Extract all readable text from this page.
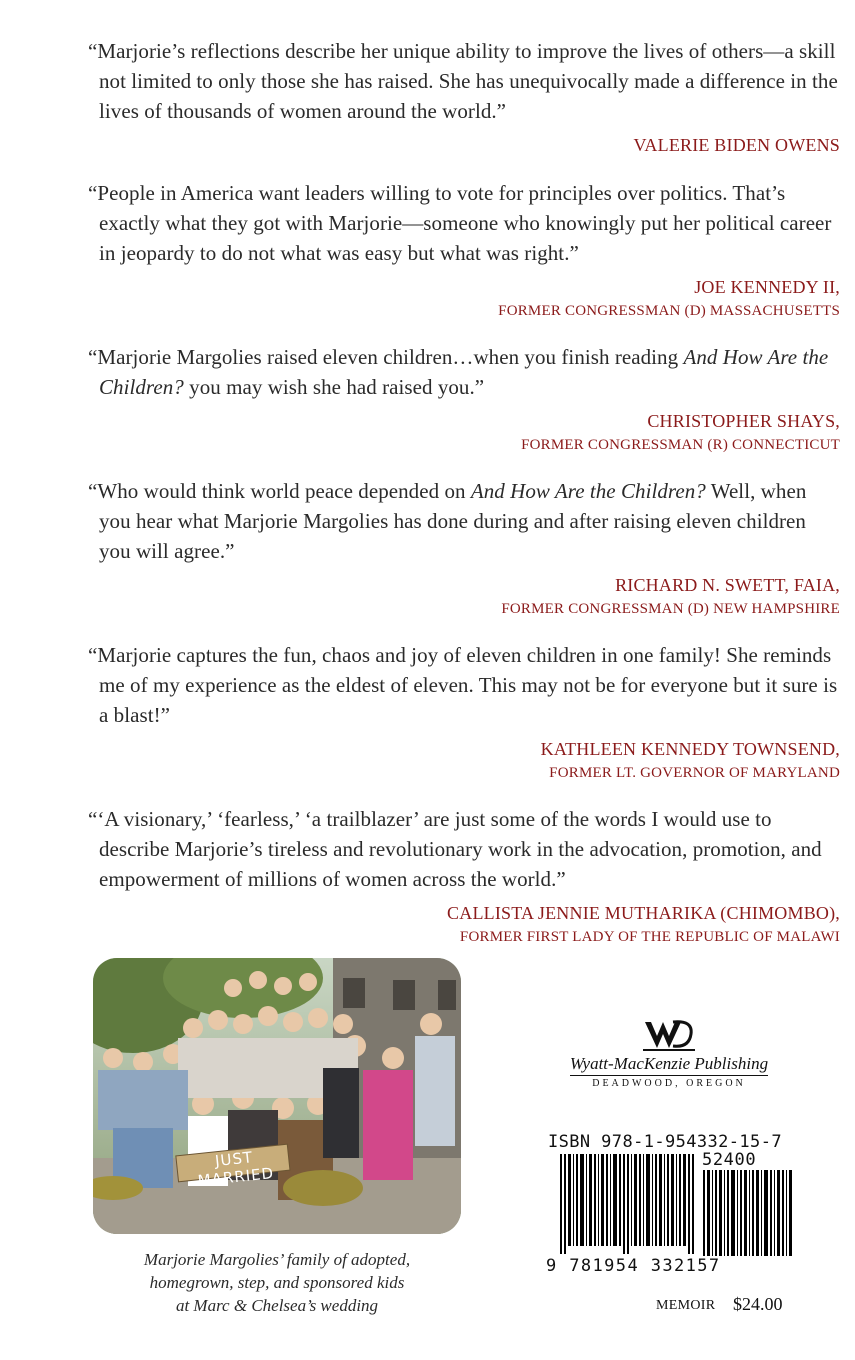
“Marjorie’s reflections describe her unique ability to improve the lives of others—a skill not limited to only those she has raised. She has unequivocally made a difference in the lives of thousands of women around the world.”

VALERIE BIDEN OWENS

“People in America want leaders willing to vote for principles over politics. That’s exactly what they got with Marjorie—someone who knowingly put her political career in jeopardy to do not what was easy but what was right.”

JOE KENNEDY II,
FORMER CONGRESSMAN (D) MASSACHUSETTS

“Marjorie Margolies raised eleven children…when you finish reading And How Are the Children? you may wish she had raised you.”

CHRISTOPHER SHAYS,
FORMER CONGRESSMAN (R) CONNECTICUT

“Who would think world peace depended on And How Are the Children? Well, when you hear what Marjorie Margolies has done during and after raising eleven children you will agree.”

RICHARD N. SWETT, FAIA,
FORMER CONGRESSMAN (D) NEW HAMPSHIRE

“Marjorie captures the fun, chaos and joy of eleven children in one family! She reminds me of my experience as the eldest of eleven. This may not be for everyone but it sure is a blast!”

KATHLEEN KENNEDY TOWNSEND,
FORMER LT. GOVERNOR OF MARYLAND

“‘A visionary,’ ‘fearless,’ ‘a trailblazer’ are just some of the words I would use to describe Marjorie’s tireless and revolutionary work in the advocation, promotion, and empowerment of millions of women across the world.”

CALLISTA JENNIE MUTHARIKA (CHIMOMBO),
FORMER FIRST LADY OF THE REPUBLIC OF MALAWI

JUST MARRIED
Marjorie Margolies’ family of adopted,
homegrown, step, and sponsored kids
at Marc & Chelsea’s wedding
Wyatt-MacKenzie Publishing
DEADWOOD, OREGON
ISBN 978-1-954332-15-7
52400
9 781954 332157
MEMOIR $24.00
